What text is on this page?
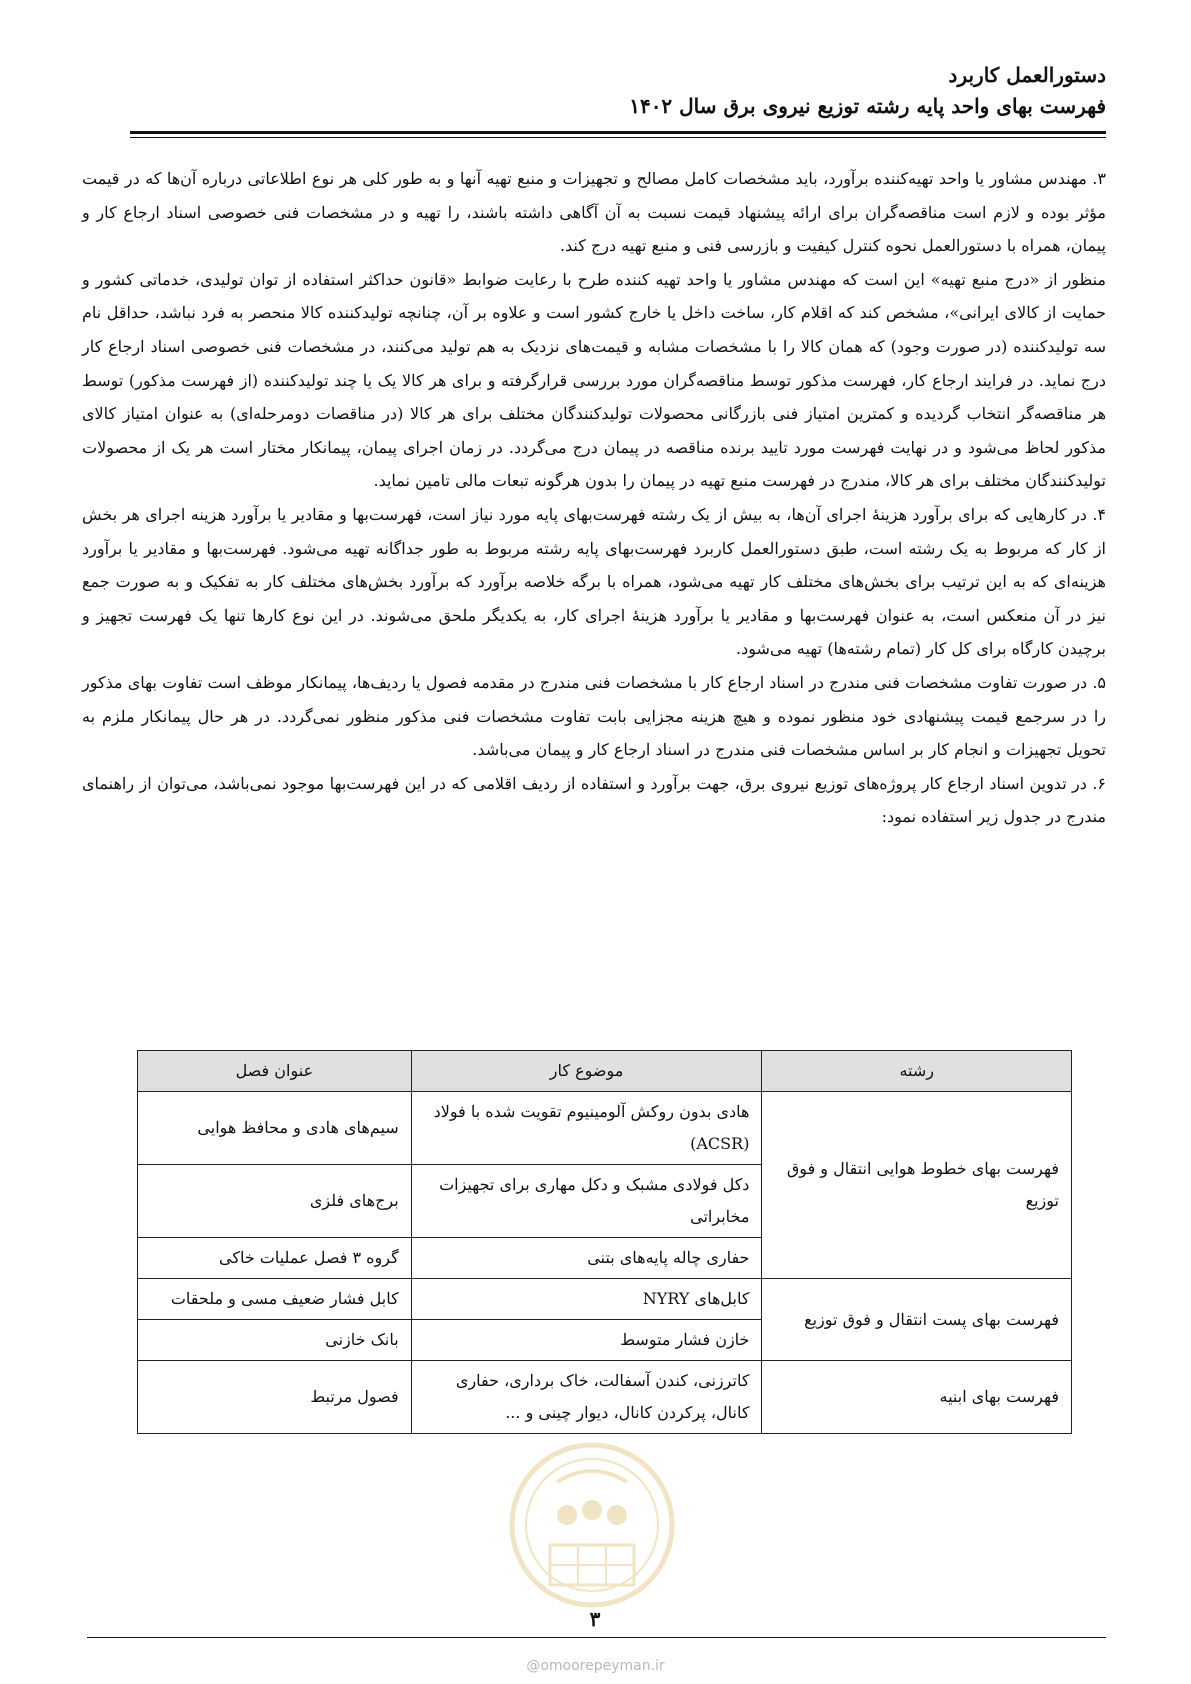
دستورالعمل کاربرد
فهرست بهای واحد پایه رشته توزیع نیروی برق سال ۱۴۰۲

۳. مهندس مشاور یا واحد تهیه‌کننده برآورد، باید مشخصات کامل مصالح و تجهیزات و منبع تهیه آنها و به طور کلی هر نوع اطلاعاتی درباره آن‌ها که در قیمت مؤثر بوده و لازم است مناقصه‌گران برای ارائه پیشنهاد قیمت نسبت به آن آگاهی داشته باشند، را تهیه و در مشخصات فنی خصوصی اسناد ارجاع کار و پیمان، همراه با دستورالعمل نحوه کنترل کیفیت و بازرسی فنی و منبع تهیه درج کند.

منظور از «درج منبع تهیه» این است که مهندس مشاور یا واحد تهیه کننده طرح با رعایت ضوابط «قانون حداکثر استفاده از توان تولیدی، خدماتی کشور و حمایت از کالای ایرانی»، مشخص کند که اقلام کار، ساخت داخل یا خارج کشور است و علاوه بر آن، چنانچه تولیدکننده کالا منحصر به فرد نباشد، حداقل نام سه تولیدکننده (در صورت وجود) که همان کالا را با مشخصات مشابه و قیمت‌های نزدیک به هم تولید می‌کنند، در مشخصات فنی خصوصی اسناد ارجاع کار درج نماید. در فرایند ارجاع کار، فهرست مذکور توسط مناقصه‌گران مورد بررسی قرارگرفته و برای هر کالا یک یا چند تولیدکننده (از فهرست مذکور) توسط هر مناقصه‌گر انتخاب گردیده و کمترین امتیاز فنی بازرگانی محصولات تولیدکنندگان مختلف برای هر کالا (در مناقصات دومرحله‌ای) به عنوان امتیاز کالای مذکور لحاظ می‌شود و در نهایت فهرست مورد تایید برنده مناقصه در پیمان درج می‌گردد. در زمان اجرای پیمان، پیمانکار مختار است هر یک از محصولات تولیدکنندگان مختلف برای هر کالا، مندرج در فهرست منبع تهیه در پیمان را بدون هرگونه تبعات مالی تامین نماید.

۴. در کارهایی که برای برآورد هزینهٔ اجرای آن‌ها، به بیش از یک رشته فهرست‌بهای پایه مورد نیاز است، فهرست‌بها و مقادیر یا برآورد هزینه اجرای هر بخش از کار که مربوط به یک رشته است، طبق دستورالعمل کاربرد فهرست‌بهای پایه رشته مربوط به طور جداگانه تهیه می‌شود. فهرست‌بها و مقادیر یا برآورد هزینه‌ای که به این ترتیب برای بخش‌های مختلف کار تهیه می‌شود، همراه با برگه خلاصه برآورد که برآورد بخش‌های مختلف کار به تفکیک و به صورت جمع نیز در آن منعکس است، به عنوان فهرست‌بها و مقادیر یا برآورد هزینهٔ اجرای کار، به یکدیگر ملحق می‌شوند. در این نوع کارها تنها یک فهرست تجهیز و برچیدن کارگاه برای کل کار (تمام رشته‌ها) تهیه می‌شود.

۵. در صورت تفاوت مشخصات فنی مندرج در اسناد ارجاع کار با مشخصات فنی مندرج در مقدمه فصول یا ردیف‌ها، پیمانکار موظف است تفاوت بهای مذکور را در سرجمع قیمت پیشنهادی خود منظور نموده و هیچ هزینه مجزایی بابت تفاوت مشخصات فنی مذکور منظور نمی‌گردد. در هر حال پیمانکار ملزم به تحویل تجهیزات و انجام کار بر اساس مشخصات فنی مندرج در اسناد ارجاع کار و پیمان می‌باشد.

۶. در تدوین اسناد ارجاع کار پروژه‌های توزیع نیروی برق، جهت برآورد و استفاده از ردیف اقلامی که در این فهرست‌بها موجود نمی‌باشد، می‌توان از راهنمای مندرج در جدول زیر استفاده نمود:

رشته	موضوع کار	عنوان فصل
فهرست بهای خطوط هوایی انتقال و فوق توزیع	هادی بدون روکش آلومینیوم تقویت شده با فولاد (ACSR)	سیم‌های هادی و محافظ هوایی
	دکل فولادی مشبک و دکل مهاری برای تجهیزات مخابراتی	برج‌های فلزی
	حفاری چاله پایه‌های بتنی	گروه ۳ فصل عملیات خاکی
فهرست بهای پست انتقال و فوق توزیع	کابل‌های NYRY	کابل فشار ضعیف مسی و ملحقات
	خازن فشار متوسط	بانک خازنی
فهرست بهای ابنیه	کاترزنی، کندن آسفالت، خاک برداری، حفاری کانال، پرکردن کانال، دیوار چینی و ...	فصول مرتبط
۳
@omoorepeyman.ir
